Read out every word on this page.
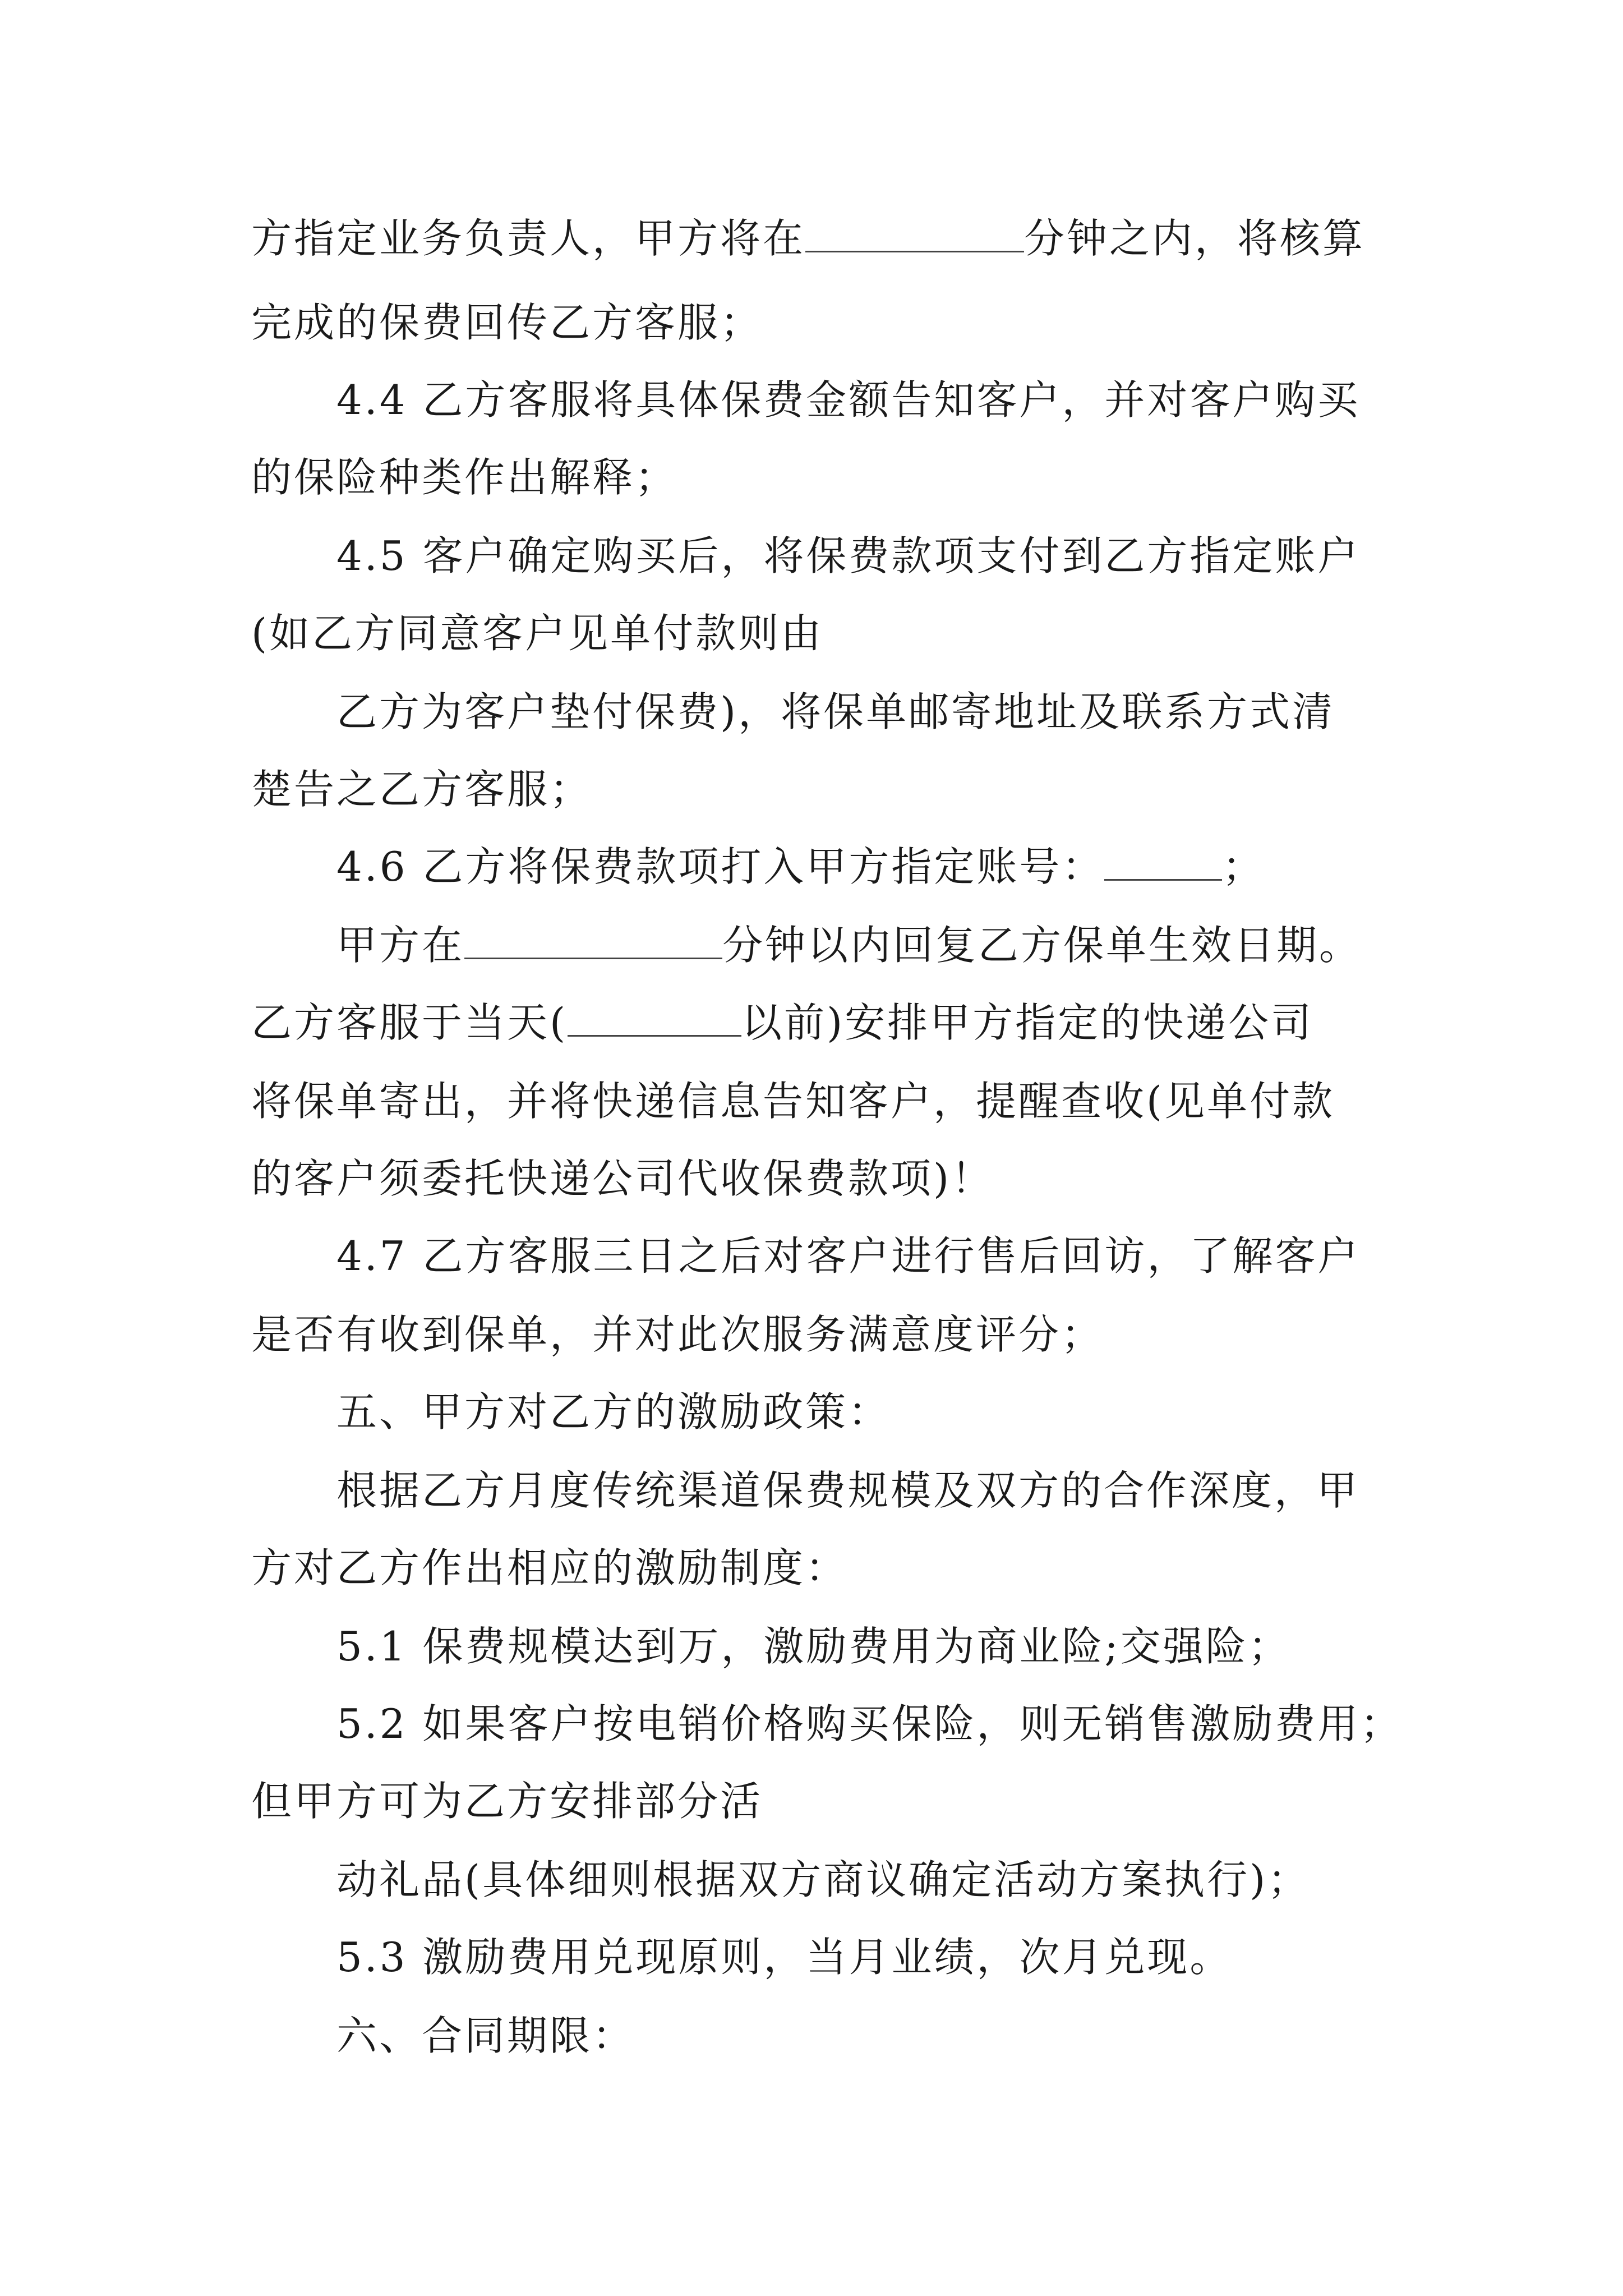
方指定业务负责人，甲方将在	分钟之内，将核算
完成的保费回传乙方客服；
4.4 乙方客服将具体保费金额告知客户，并对客户购买
的保险种类作出解释；
4.5 客户确定购买后，将保费款项支付到乙方指定账户
(如乙方同意客户见单付款则由
乙方为客户垫付保费)，将保单邮寄地址及联系方式清
楚告之乙方客服；
4.6 乙方将保费款项打入甲方指定账号：	；
甲方在	分钟以内回复乙方保单生效日期。
乙方客服于当天(	以前)安排甲方指定的快递公司
将保单寄出，并将快递信息告知客户，提醒查收(见单付款
的客户须委托快递公司代收保费款项)！
4.7 乙方客服三日之后对客户进行售后回访，了解客户
是否有收到保单，并对此次服务满意度评分；
五、甲方对乙方的激励政策：
根据乙方月度传统渠道保费规模及双方的合作深度，甲
方对乙方作出相应的激励制度：
5.1 保费规模达到万，激励费用为商业险;交强险；
5.2 如果客户按电销价格购买保险，则无销售激励费用；
但甲方可为乙方安排部分活
动礼品(具体细则根据双方商议确定活动方案执行)；
5.3 激励费用兑现原则，当月业绩，次月兑现。
六、合同期限：
